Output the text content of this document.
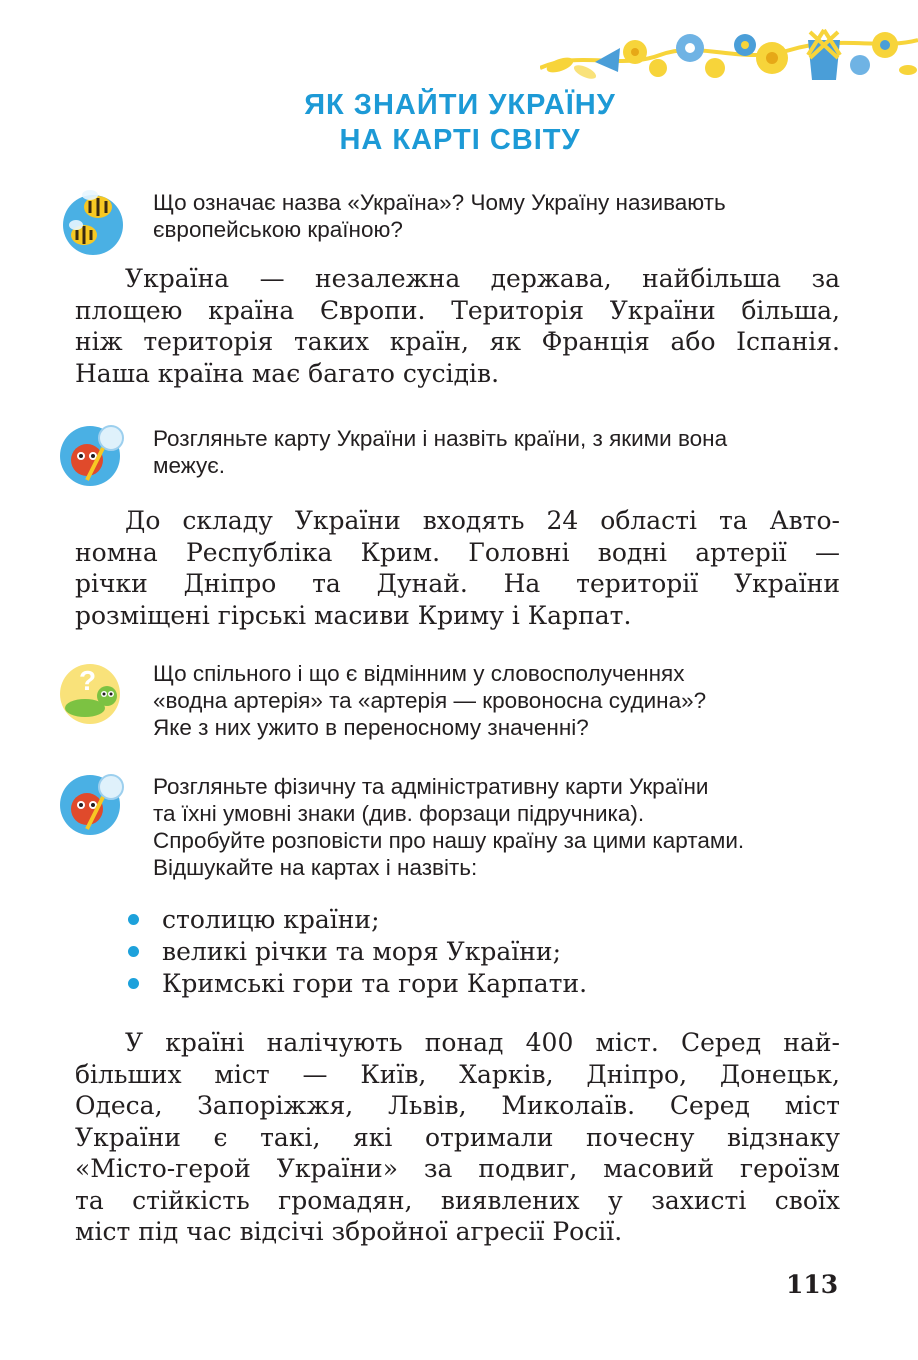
ЯК ЗНАЙТИ УКРАЇНУ
НА КАРТІ СВІТУ
Що означає назва «Україна»? Чому Україну називають
європейською країною?
Україна — незалежна держава, найбільша за
площею країна Європи. Територія України більша,
ніж територія таких країн, як Франція або Іспанія.
Наша країна має багато сусідів.
Розгляньте карту України і назвіть країни, з якими вона
межує.
До складу України входять 24 області та Авто-
номна Республіка Крим. Головні водні артерії —
річки Дніпро та Дунай. На території України
розміщені гірські масиви Криму і Карпат.
?	Що спільного і що є відмінним у словосполученнях
«водна артерія» та «артерія — кровоносна судина»?
Яке з них ужито в переносному значенні?
Розгляньте фізичну та адміністративну карти України
та їхні умовні знаки (див. форзаци підручника).
Спробуйте розповісти про нашу країну за цими картами.
Відшукайте на картах і назвіть:
столицю країни;
великі річки та моря України;
Кримські гори та гори Карпати.
У країні налічують понад 400 міст. Серед най-
більших міст — Київ, Харків, Дніпро, Донецьк,
Одеса, Запоріжжя, Львів, Миколаїв. Серед міст
України є такі, які отримали почесну відзнаку
«Місто-герой України» за подвиг, масовий героїзм
та стійкість громадян, виявлених у захисті своїх
міст під час відсічі збройної агресії Росії.
113
